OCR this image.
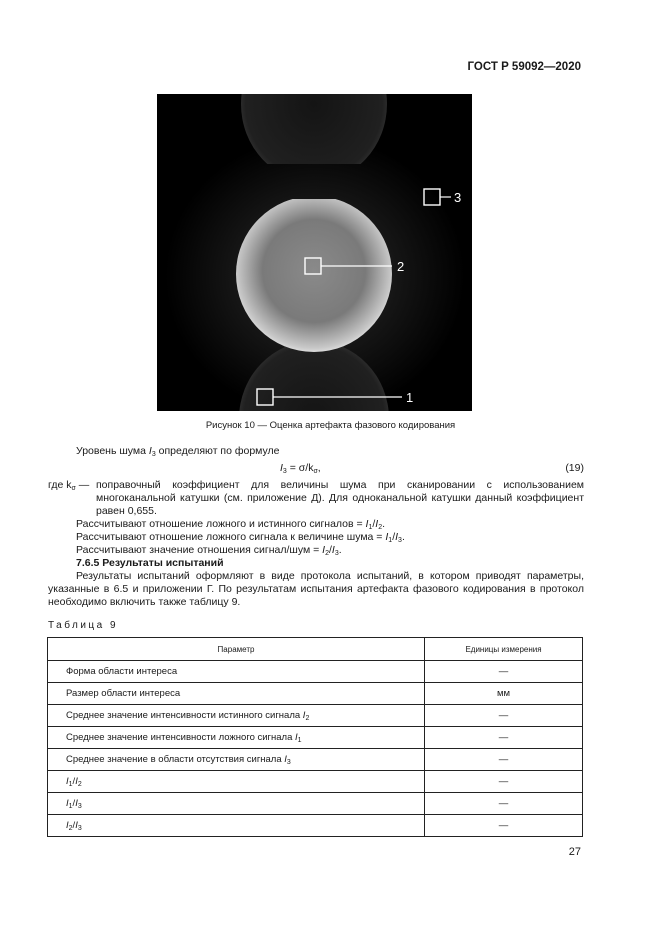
ГОСТ Р 59092—2020
2
3
1
Рисунок 10 — Оценка артефакта фазового кодирования
Уровень шума $I_3$ определяют по формуле
$I_3 = \sigma/k_\sigma$,	(19)
где $k_\sigma$ — поправочный коэффициент для величины шума при сканировании с использованием многоканальной катушки (см. приложение Д). Для одноканальной катушки данный коэффициент равен 0,655.
Рассчитывают отношение ложного и истинного сигналов = $I_1/I_2$.
Рассчитывают отношение ложного сигнала к величине шума = $I_1/I_3$.
Рассчитывают значение отношения сигнал/шум = $I_2/I_3$.
7.6.5 Результаты испытаний
Результаты испытаний оформляют в виде протокола испытаний, в котором приводят параметры, указанные в 6.5 и приложении Г. По результатам испытания артефакта фазового кодирования в протокол необходимо включить также таблицу 9.
Таблица 9
Параметр	Единицы измерения
Форма области интереса	—
Размер области интереса	мм
Среднее значение интенсивности истинного сигнала $I_2$	—
Среднее значение интенсивности ложного сигнала $I_1$	—
Среднее значение в области отсутствия сигнала $I_3$	—
$I_1/I_2$	—
$I_1/I_3$	—
$I_2/I_3$	—
27
